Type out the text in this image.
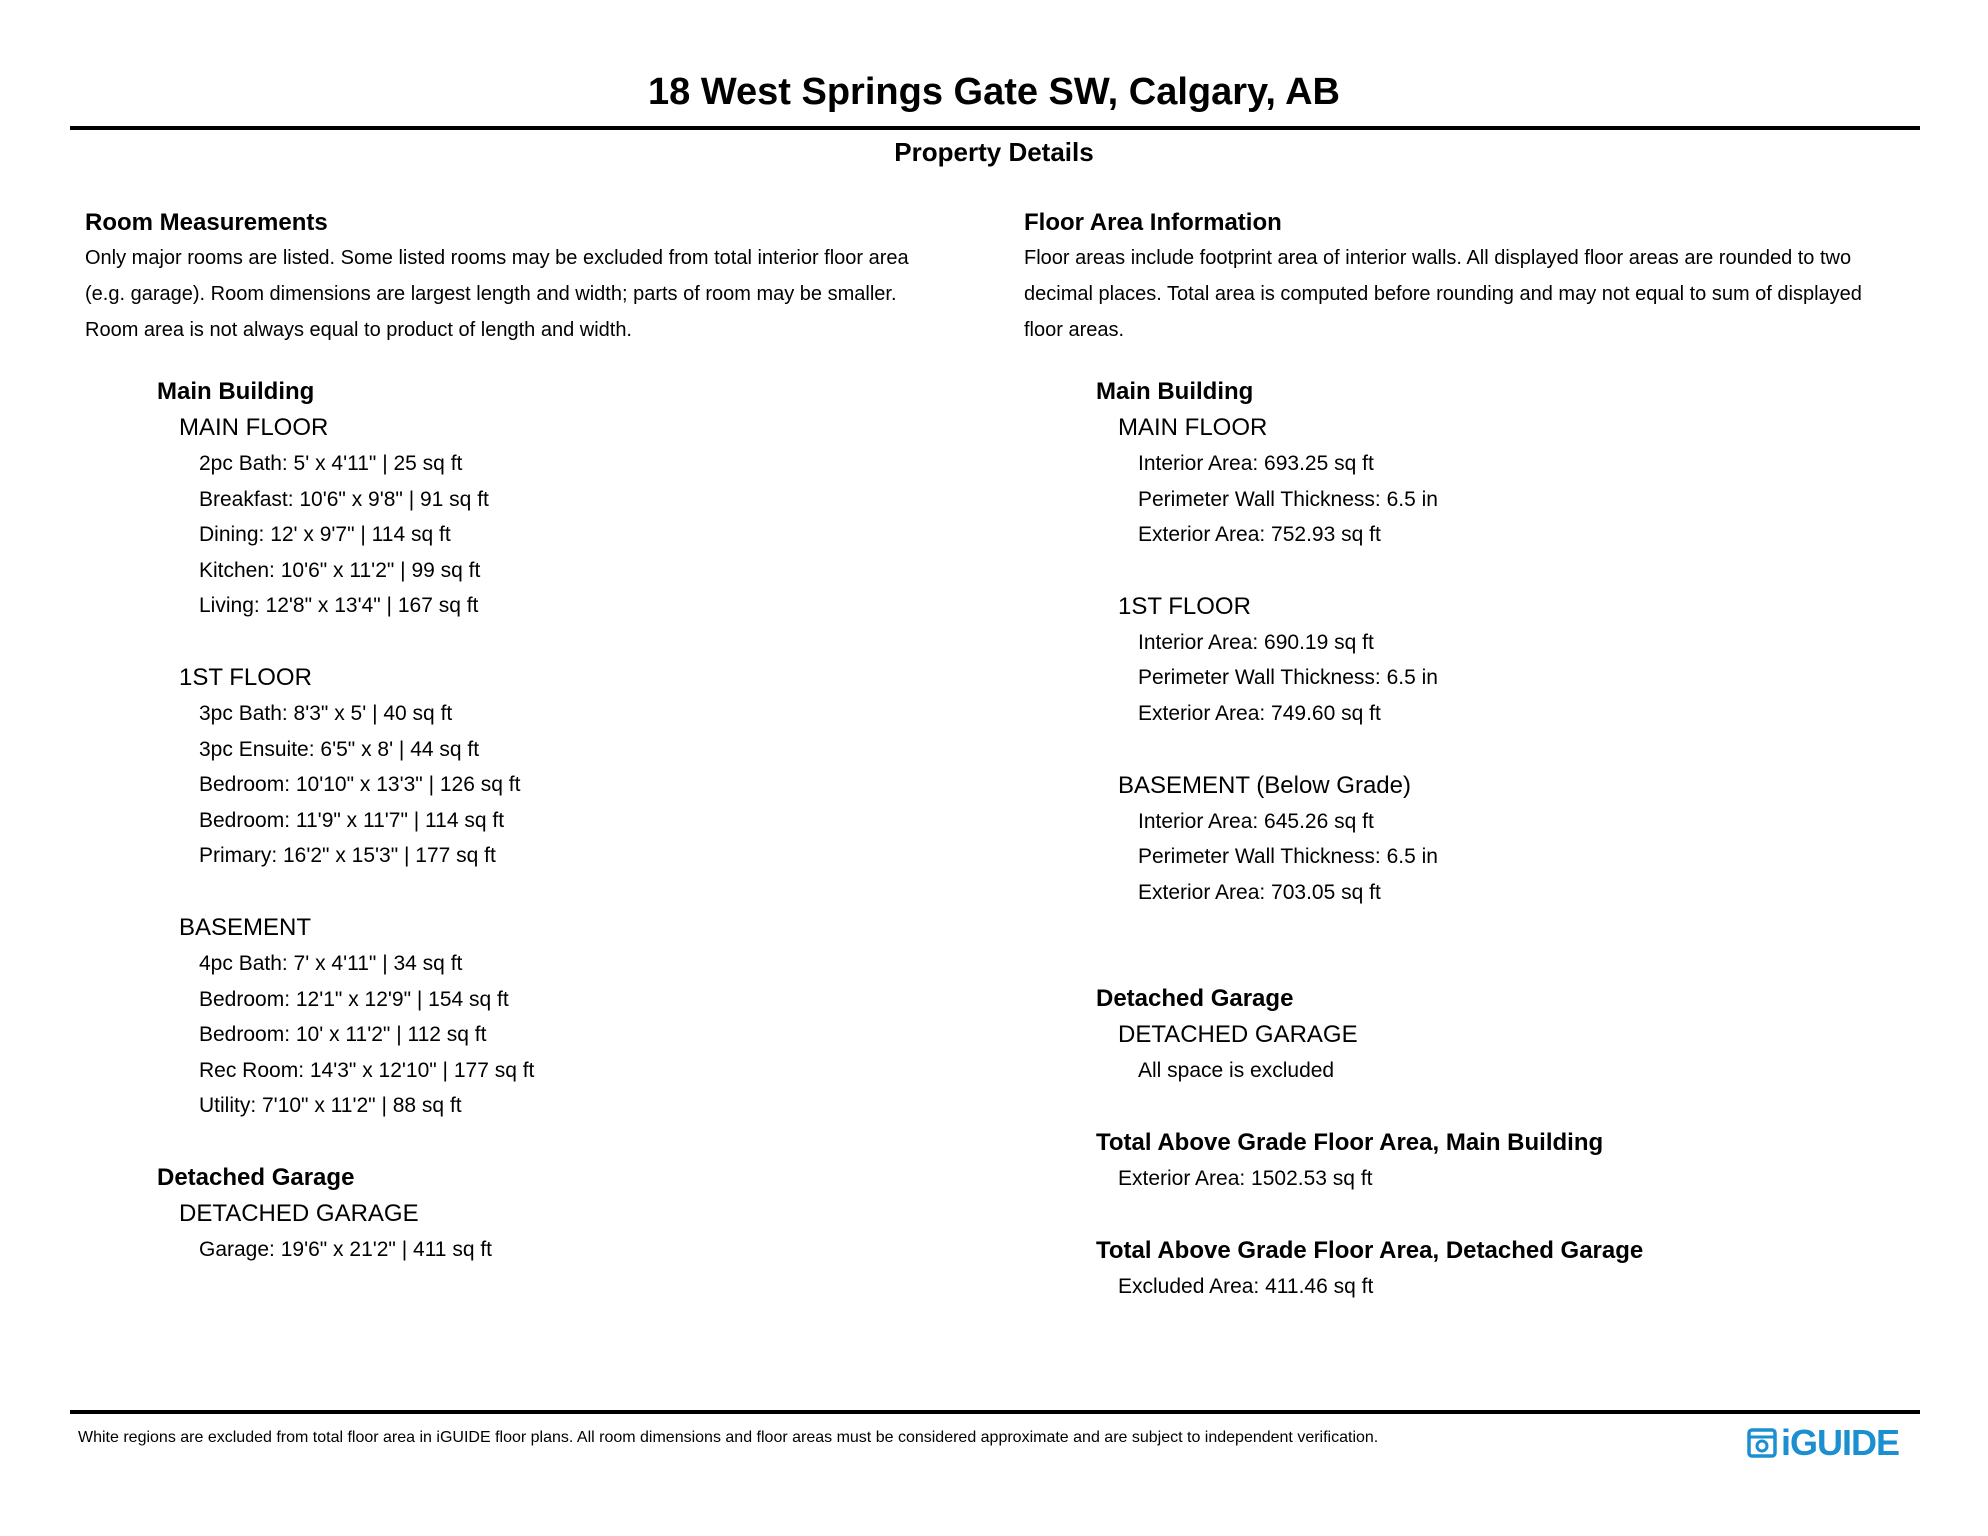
18 West Springs Gate SW, Calgary, AB
Property Details
Room Measurements
Only major rooms are listed. Some listed rooms may be excluded from total interior floor area
(e.g. garage). Room dimensions are largest length and width; parts of room may be smaller.
Room area is not always equal to product of length and width.
Main Building
MAIN FLOOR
2pc Bath: 5' x 4'11" | 25 sq ft
Breakfast: 10'6" x 9'8" | 91 sq ft
Dining: 12' x 9'7" | 114 sq ft
Kitchen: 10'6" x 11'2" | 99 sq ft
Living: 12'8" x 13'4" | 167 sq ft
1ST FLOOR
3pc Bath: 8'3" x 5' | 40 sq ft
3pc Ensuite: 6'5" x 8' | 44 sq ft
Bedroom: 10'10" x 13'3" | 126 sq ft
Bedroom: 11'9" x 11'7" | 114 sq ft
Primary: 16'2" x 15'3" | 177 sq ft
BASEMENT
4pc Bath: 7' x 4'11" | 34 sq ft
Bedroom: 12'1" x 12'9" | 154 sq ft
Bedroom: 10' x 11'2" | 112 sq ft
Rec Room: 14'3" x 12'10" | 177 sq ft
Utility: 7'10" x 11'2" | 88 sq ft
Detached Garage
DETACHED GARAGE
Garage: 19'6" x 21'2" | 411 sq ft
Floor Area Information
Floor areas include footprint area of interior walls. All displayed floor areas are rounded to two
decimal places. Total area is computed before rounding and may not equal to sum of displayed
floor areas.
Main Building
MAIN FLOOR
Interior Area: 693.25 sq ft
Perimeter Wall Thickness: 6.5 in
Exterior Area: 752.93 sq ft
1ST FLOOR
Interior Area: 690.19 sq ft
Perimeter Wall Thickness: 6.5 in
Exterior Area: 749.60 sq ft
BASEMENT (Below Grade)
Interior Area: 645.26 sq ft
Perimeter Wall Thickness: 6.5 in
Exterior Area: 703.05 sq ft
Detached Garage
DETACHED GARAGE
All space is excluded
Total Above Grade Floor Area, Main Building
Exterior Area: 1502.53 sq ft
Total Above Grade Floor Area, Detached Garage
Excluded Area: 411.46 sq ft
White regions are excluded from total floor area in iGUIDE floor plans. All room dimensions and floor areas must be considered approximate and are subject to independent verification.	iGUIDE
